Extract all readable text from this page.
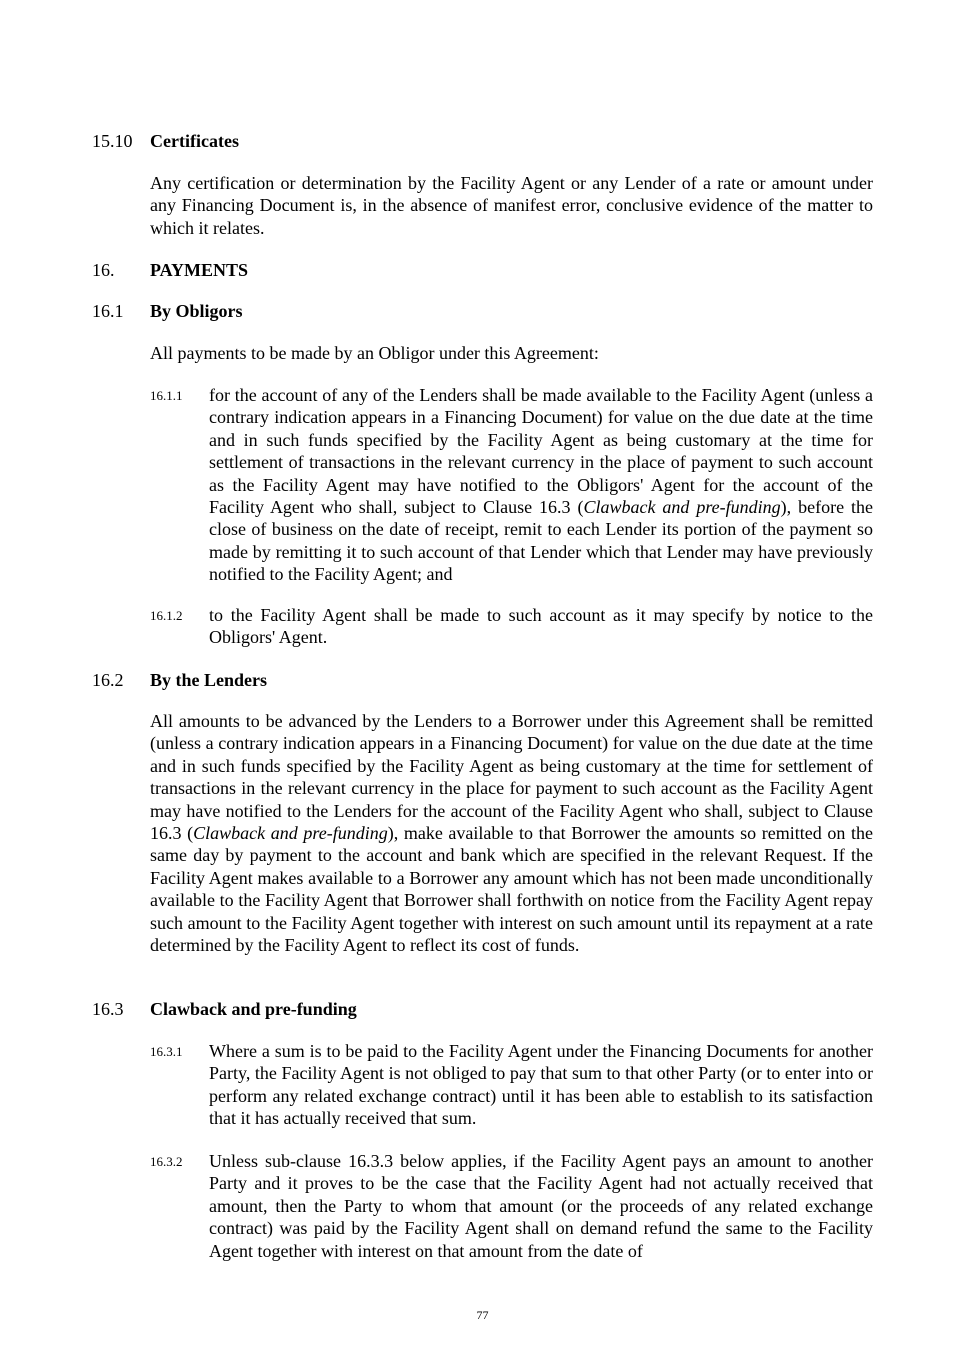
15.10 Certificates
Any certification or determination by the Facility Agent or any Lender of a rate or amount under any Financing Document is, in the absence of manifest error, conclusive evidence of the matter to which it relates.
16. PAYMENTS
16.1 By Obligors
All payments to be made by an Obligor under this Agreement:
16.1.1 for the account of any of the Lenders shall be made available to the Facility Agent (unless a contrary indication appears in a Financing Document) for value on the due date at the time and in such funds specified by the Facility Agent as being customary at the time for settlement of transactions in the relevant currency in the place of payment to such account as the Facility Agent may have notified to the Obligors' Agent for the account of the Facility Agent who shall, subject to Clause 16.3 (Clawback and pre-funding), before the close of business on the date of receipt, remit to each Lender its portion of the payment so made by remitting it to such account of that Lender which that Lender may have previously notified to the Facility Agent; and
16.1.2 to the Facility Agent shall be made to such account as it may specify by notice to the Obligors' Agent.
16.2 By the Lenders
All amounts to be advanced by the Lenders to a Borrower under this Agreement shall be remitted (unless a contrary indication appears in a Financing Document) for value on the due date at the time and in such funds specified by the Facility Agent as being customary at the time for settlement of transactions in the relevant currency in the place for payment to such account as the Facility Agent may have notified to the Lenders for the account of the Facility Agent who shall, subject to Clause 16.3 (Clawback and pre-funding), make available to that Borrower the amounts so remitted on the same day by payment to the account and bank which are specified in the relevant Request. If the Facility Agent makes available to a Borrower any amount which has not been made unconditionally available to the Facility Agent that Borrower shall forthwith on notice from the Facility Agent repay such amount to the Facility Agent together with interest on such amount until its repayment at a rate determined by the Facility Agent to reflect its cost of funds.
16.3 Clawback and pre-funding
16.3.1 Where a sum is to be paid to the Facility Agent under the Financing Documents for another Party, the Facility Agent is not obliged to pay that sum to that other Party (or to enter into or perform any related exchange contract) until it has been able to establish to its satisfaction that it has actually received that sum.
16.3.2 Unless sub-clause 16.3.3 below applies, if the Facility Agent pays an amount to another Party and it proves to be the case that the Facility Agent had not actually received that amount, then the Party to whom that amount (or the proceeds of any related exchange contract) was paid by the Facility Agent shall on demand refund the same to the Facility Agent together with interest on that amount from the date of
77
